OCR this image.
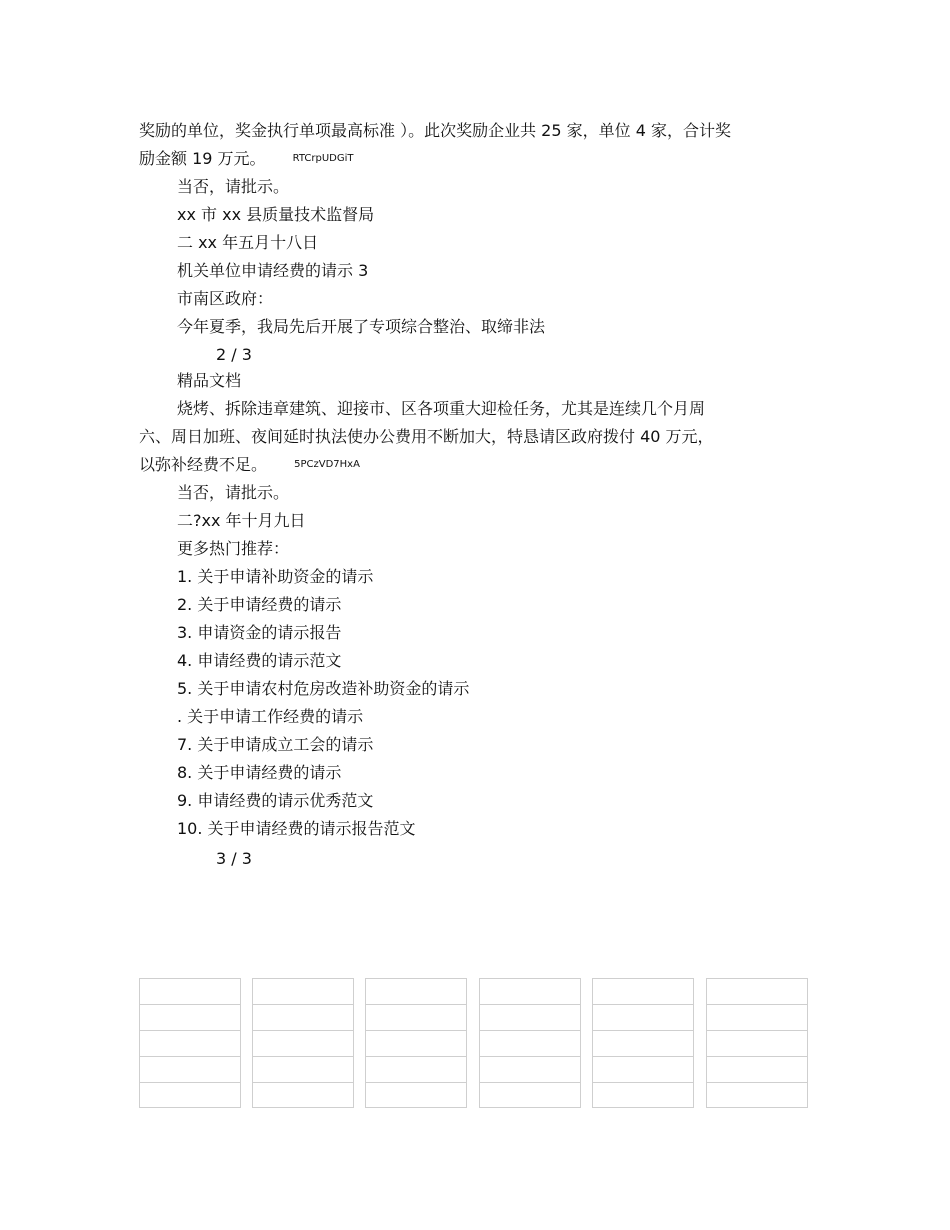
奖励的单位，奖金执行单项最高标准 ）。此次奖励企业共 25 家，单位 4 家，合计奖
励金额 19 万元。	RTCrpUDGiT
当否，请批示。
xx 市 xx 县质量技术监督局
二 xx 年五月十八日
机关单位申请经费的请示 3
市南区政府：
今年夏季，我局先后开展了专项综合整治、取缔非法
2 / 3
精品文档
烧烤、拆除违章建筑、迎接市、区各项重大迎检任务，尤其是连续几个月周
六、周日加班、夜间延时执法使办公费用不断加大，特恳请区政府拨付 40 万元，
以弥补经费不足。	5PCzVD7HxA
当否，请批示。
二?xx 年十月九日
更多热门推荐：
1. 关于申请补助资金的请示
2. 关于申请经费的请示
3. 申请资金的请示报告
4. 申请经费的请示范文
5. 关于申请农村危房改造补助资金的请示
. 关于申请工作经费的请示
7. 关于申请成立工会的请示
8. 关于申请经费的请示
9. 申请经费的请示优秀范文
10. 关于申请经费的请示报告范文
3 / 3
